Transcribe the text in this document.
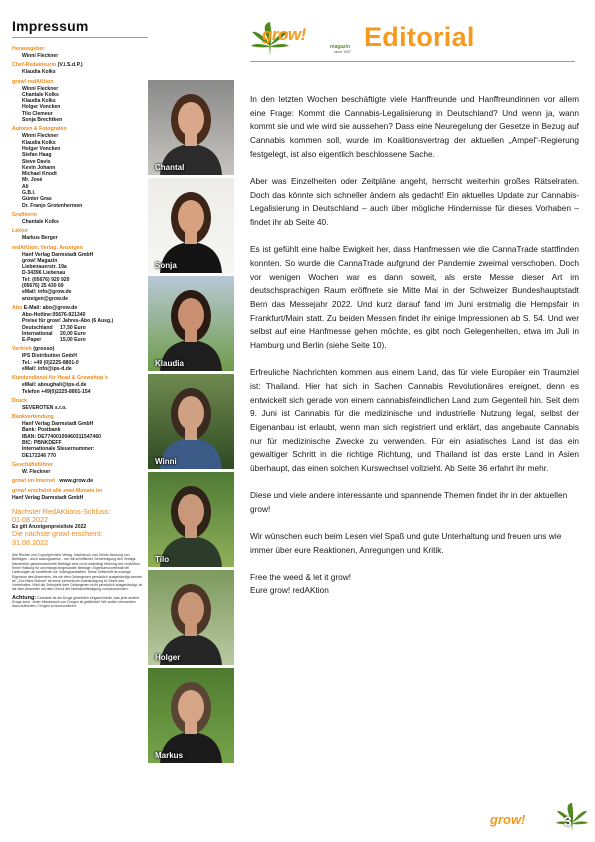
Impressum
Herausgeber
Winni Fleckner
Chef-Redakteurin (V.i.S.d.P.)
Klaudia Kolks
grow! redAKtion
Winni Fleckner
Chantale Kolks
Klaudia Kolks
Holger Voncken
Tilo Clemeur
Sonja Brechtken
Autoren & Fotografen
Winni Fleckner
Klaudia Kolks
Holger Voncken
Stefan Haag
Steve Davis
Kevin Johann
Michael Knodt
Mr. José
Ali
G.B.I.
Günter Gras
Dr. Franjo Grotenhermen
Grafikerin
Chantale Kolks
Lektor
Markus Berger
redAKtion, Verlag, Anzeigen
Hanf Verlag Darmstadt GmbH
grow! Magazin
Liebenauerstr. 19a
D-34396 Liebenau
Tel: (05676) 920 920
(05676) 25 430 69
eMail: info@grow.de
anzeigen@grow.de
Abo E-Mail: abo@grow.de
Abo-Hotline:05676-921340
Preise für grow! Jahres-Abo (6 Ausg.)
Deutschland	17,50 Euro
International	20,00 Euro
E-Paper	15,00 Euro
Vertrieb (grosso)
IPS Distribution GmbH
Tel.: +49 (0)2225-8801-0
eMail: info@ips-d.de
Kundendienst für Head & Growshop´s
eMail: aboughali@ips-d.de
Telefon +49(0)2225-8801-154
Druck
SEVEROTEN s.r.o.
Bankverbindung
Hanf Verlag Darmstadt GmbH
Bank: Postbank
IBAN: DE77400100460311547460
BIC: PBNKDEFF
Internationale Steuernummer:
DE172246 770
Geschäftsführer
W. Fleckner
grow! im Internet www.grow.de
grow! erscheint alle zwei Monate im
Hanf Verlag Darmstadt GmbH
Nächster RedAKtions-Schluss:
01.08.2022
Es gilt Anzeigenpreisliste 2022
Die nächste grow! erscheint:
31.08.2022
Alle Rechte und Copyright beim Verlag. Nachdruck und Online-Nutzung von Beiträgen - auch auszugsweise - nur mit schriftlicher Genehmigung des Verlags. Namentlich gekennzeichnete Beiträge sind nicht unbedingt Meinung der redAKtion. Keine Haftung für unverlangt eingesandte Beiträge. Eigentumsvorbehalt bei Lieferungen an Inhaftierte vor Vollzugsanstalten. Diese Zeitschrift ist solange Eigentum des Absenders, bis sie dem Gefangenen persönlich ausgehändigt worden ist. „Zur-Habe-Nahme“ ist keine persönliche Aushändigung im Sinne des Vorbehaltes. Wird die Zeitschrift dem Gefangenen nicht persönlich ausgehändigt, ist sie dem Absender mit dem Grund der Nichtaushändigung zurückzusenden.
Achtung: Cannabis ist als Droge gesetzlich eingeschränkt, was jede andere Droge auch. Jeder Missbrauch von Drogen ist gefährlich! Wir wollen niemanden dazu auffordern, Drogen zu konsumieren!
Chantal
Sonja
Klaudia
Winni
Tilo
Holger
Markus
grow!
magazin
since 1997 Editorial

In den letzten Wochen beschäftigte viele Hanffreunde und Hanffreundinnen vor allem eine Frage: Kommt die Cannabis-Legalisierung in Deutschland? Und wenn ja, wann kommt sie und wie wird sie aussehen? Dass eine Neuregelung der Gesetze in Bezug auf Cannabis kommen soll, wurde im Koalitionsvertrag der aktuellen „Ampel“-Regierung festgelegt, ist also eigentlich beschlossene Sache.

Aber was Einzelheiten oder Zeitpläne angeht, herrscht weiterhin großes Rätselraten. Doch das könnte sich schneller ändern als gedacht! Ein aktuelles Update zur Cannabis-Legalisierung in Deutschland – auch über mögliche Hindernisse für dieses Vorhaben – findet ihr ab Seite 40.

Es ist gefühlt eine halbe Ewigkeit her, dass Hanfmessen wie die CannaTrade stattfinden konnten. So wurde die CannaTrade aufgrund der Pandemie zweimal verschoben. Doch vor wenigen Wochen war es dann soweit, als erste Messe dieser Art im deutschsprachigen Raum eröffnete sie Mitte Mai in der Schweizer Bundeshauptstadt Bern das Messejahr 2022. Und kurz darauf fand im Juni erstmalig die Hempsfair in Frankfurt/Main statt. Zu beiden Messen findet ihr einige Impressionen ab S. 54. Und wer selbst auf eine Hanfmesse gehen möchte, es gibt noch Gelegenheiten, etwa im Juli in Hamburg und Berlin (siehe Seite 10).

Erfreuliche Nachrichten kommen aus einem Land, das für viele Europäer ein Traumziel ist: Thailand. Hier hat sich in Sachen Cannabis Revolutionäres ereignet, denn es entwickelt sich gerade von einem cannabisfeindlichen Land zum Gegenteil hin. Seit dem 9. Juni ist Cannabis für die medizinische und industrielle Nutzung legal, selbst der Eigenanbau ist erlaubt, wenn man sich registriert und erklärt, das angebaute Cannabis nur für medizinische Zwecke zu verwenden. Für ein asiatisches Land ist das ein gewaltiger Schritt in die richtige Richtung, und Thailand ist das erste Land in Asien überhaupt, das einen solchen Kurswechsel vollzieht. Ab Seite 36 erfahrt ihr mehr.

Diese und viele andere interessante und spannende Themen findet ihr in der aktuellen grow!

Wir wünschen euch beim Lesen viel Spaß und gute Unterhaltung und freuen uns wie immer über eure Reaktionen, Anregungen und Kritik.

Free the weed & let it grow!
Eure grow! redAKtion
grow!	3
